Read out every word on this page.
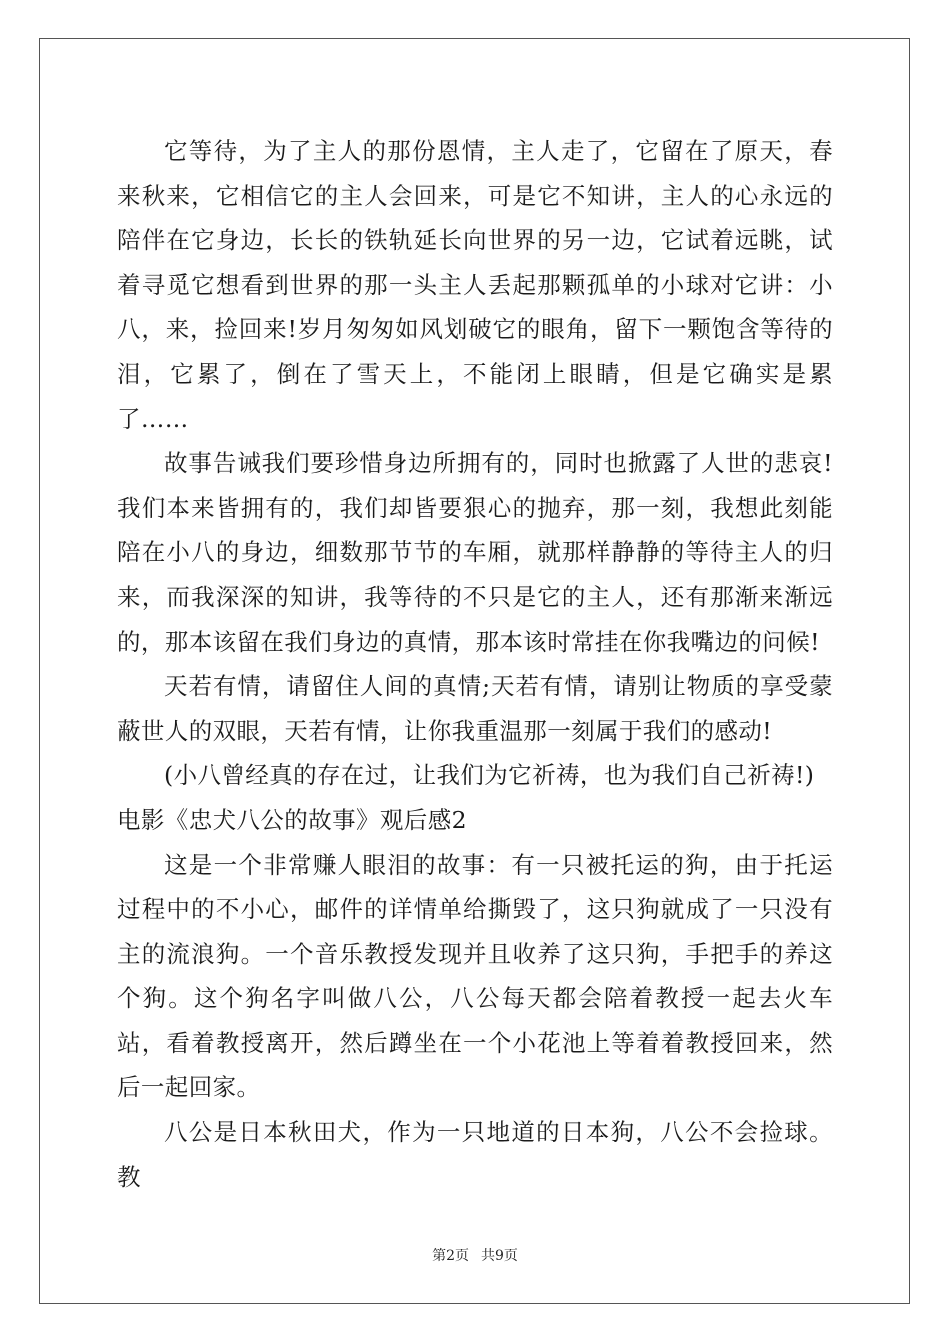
它等待，为了主人的那份恩情，主人走了，它留在了原天，春来秋来，它相信它的主人会回来，可是它不知讲，主人的心永远的陪伴在它身边，长长的铁轨延长向世界的另一边，它试着远眺，试着寻觅它想看到世界的那一头主人丢起那颗孤单的小球对它讲：小八，来，捡回来!岁月匆匆如风划破它的眼角，留下一颗饱含等待的泪，它累了，倒在了雪天上，不能闭上眼睛，但是它确实是累了……

故事告诫我们要珍惜身边所拥有的，同时也掀露了人世的悲哀!我们本来皆拥有的，我们却皆要狠心的抛弃，那一刻，我想此刻能陪在小八的身边，细数那节节的车厢，就那样静静的等待主人的归来，而我深深的知讲，我等待的不只是它的主人，还有那渐来渐远的，那本该留在我们身边的真情，那本该时常挂在你我嘴边的问候!

天若有情，请留住人间的真情;天若有情，请别让物质的享受蒙蔽世人的双眼，天若有情，让你我重温那一刻属于我们的感动!

(小八曾经真的存在过，让我们为它祈祷，也为我们自己祈祷!)

电影《忠犬八公的故事》观后感2

这是一个非常赚人眼泪的故事：有一只被托运的狗，由于托运过程中的不小心，邮件的详情单给撕毁了，这只狗就成了一只没有主的流浪狗。一个音乐教授发现并且收养了这只狗，手把手的养这个狗。这个狗名字叫做八公，八公每天都会陪着教授一起去火车站，看着教授离开，然后蹲坐在一个小花池上等着着教授回来，然后一起回家。

八公是日本秋田犬，作为一只地道的日本狗，八公不会捡球。教

第2页 共9页
